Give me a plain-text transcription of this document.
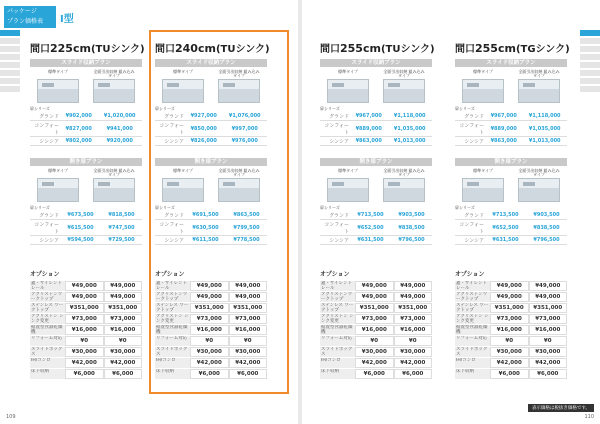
パッケージ
プラン価格表	I型
109	110
表示価格は税抜き価格です。
間口225cm(TUシンク)
スライド収納プラン
標準タイプ	全面引出収納 組み込みタイプ
扉シリーズ
グランド	¥902,000	¥1,020,000
コンフォート	¥827,000	¥941,000
シンシア	¥802,000	¥920,000
開き扉プラン
標準タイプ	全面引出収納 組み込みタイプ
扉シリーズ
グランド	¥673,500	¥818,500
コンフォート	¥615,500	¥747,500
シンシア	¥594,500	¥729,500
オプション
蓋・サイレントレール	¥49,000	¥49,000
アクリストンワークトップ	¥49,000	¥49,000
ステンレス ワークトップ	¥351,000	¥351,000
アクリストン シンク変更	¥73,000	¥73,000
据置型食器乾燥機	¥16,000	¥16,000
リフォーム対応	¥0	¥0
スライドボックス	¥30,000	¥30,000
IH/コンロ	¥42,000	¥42,000
床下収納	¥6,000	¥6,000
間口240cm(TUシンク)
スライド収納プラン
標準タイプ	全面引出収納 組み込みタイプ
扉シリーズ
グランド	¥927,000	¥1,076,000
コンフォート	¥850,000	¥997,000
シンシア	¥826,000	¥976,000
開き扉プラン
標準タイプ	全面引出収納 組み込みタイプ
扉シリーズ
グランド	¥691,500	¥863,500
コンフォート	¥630,500	¥799,500
シンシア	¥611,500	¥778,500
オプション
蓋・サイレントレール	¥49,000	¥49,000
アクリストンワークトップ	¥49,000	¥49,000
ステンレス ワークトップ	¥351,000	¥351,000
アクリストン シンク変更	¥73,000	¥73,000
据置型食器乾燥機	¥16,000	¥16,000
リフォーム対応	¥0	¥0
スライドボックス	¥30,000	¥30,000
IH/コンロ	¥42,000	¥42,000
床下収納	¥6,000	¥6,000
間口255cm(TUシンク)
スライド収納プラン
標準タイプ	全面引出収納 組み込みタイプ
扉シリーズ
グランド	¥967,000	¥1,118,000
コンフォート	¥889,000	¥1,035,000
シンシア	¥863,000	¥1,013,000
開き扉プラン
標準タイプ	全面引出収納 組み込みタイプ
扉シリーズ
グランド	¥713,500	¥903,500
コンフォート	¥652,500	¥838,500
シンシア	¥631,500	¥796,500
オプション
蓋・サイレントレール	¥49,000	¥49,000
アクリストンワークトップ	¥49,000	¥49,000
ステンレス ワークトップ	¥351,000	¥351,000
アクリストン シンク変更	¥73,000	¥73,000
据置型食器乾燥機	¥16,000	¥16,000
リフォーム対応	¥0	¥0
スライドボックス	¥30,000	¥30,000
IH/コンロ	¥42,000	¥42,000
床下収納	¥6,000	¥6,000
間口255cm(TGシンク)
スライド収納プラン
標準タイプ	全面引出収納 組み込みタイプ
扉シリーズ
グランド	¥967,000	¥1,118,000
コンフォート	¥889,000	¥1,035,000
シンシア	¥863,000	¥1,013,000
開き扉プラン
標準タイプ	全面引出収納 組み込みタイプ
扉シリーズ
グランド	¥713,500	¥903,500
コンフォート	¥652,500	¥838,500
シンシア	¥631,500	¥796,500
オプション
蓋・サイレントレール	¥49,000	¥49,000
アクリストンワークトップ	¥49,000	¥49,000
ステンレス ワークトップ	¥351,000	¥351,000
アクリストン シンク変更	¥73,000	¥73,000
据置型食器乾燥機	¥16,000	¥16,000
リフォーム対応	¥0	¥0
スライドボックス	¥30,000	¥30,000
IH/コンロ	¥42,000	¥42,000
床下収納	¥6,000	¥6,000
